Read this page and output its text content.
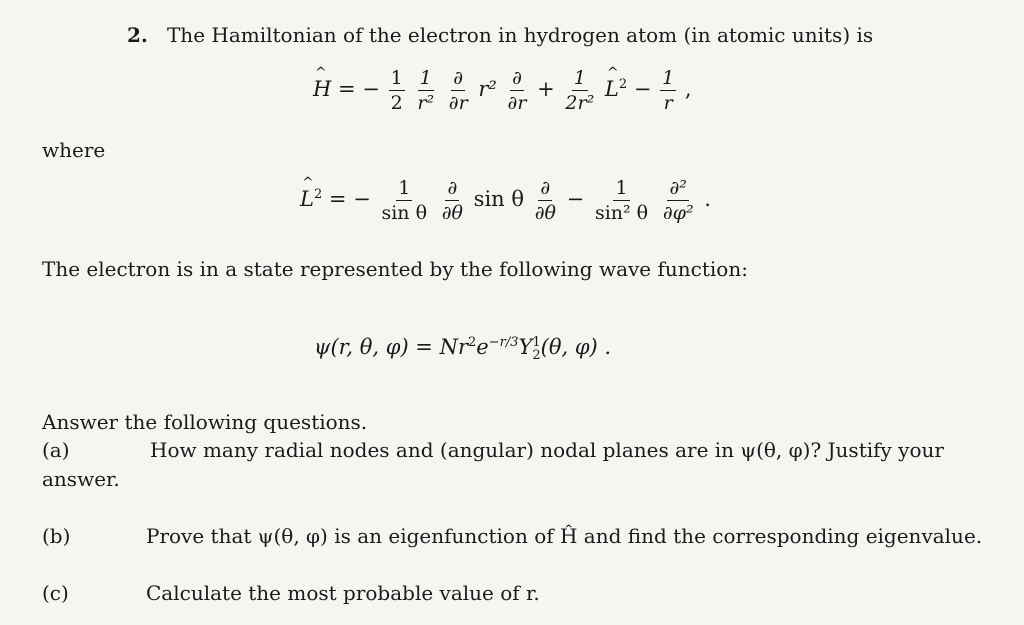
2. The Hamiltonian of the electron in hydrogen atom (in atomic units) is
^ H = − $\frac{1}{2}$
$\frac{1}{\text{r²}}$
$\frac{\partial}{\partial r} r^2 \frac{\partial}{\partial r} + \frac{1}{\text{2r²}}$
^ $L^2 - \frac{1}{r}$ ,
where
^ $L^2$ = − $\frac{1}{\text{sin θ}}$
$\frac{\partial}{\partial\theta}$ sin θ $\frac{\partial}{\partial\theta} - \frac{1}{\text{sin² θ}}$
$\frac{\text{∂²}}{\text{∂φ²}}$ .
The electron is in a state represented by the following wave function:
ψ(r, θ, $\varphi) = Nr^2e^{-r/3}Y$ 1
2 (θ, φ) .
Answer the following questions.
(a)	How many radial nodes and (angular) nodal planes are in ψ(θ, φ)? Justify your
answer.
(b)	Prove that ψ(θ, φ) is an eigenfunction of Ĥ and find the corresponding eigenvalue.
(c)	Calculate the most probable value of r.
